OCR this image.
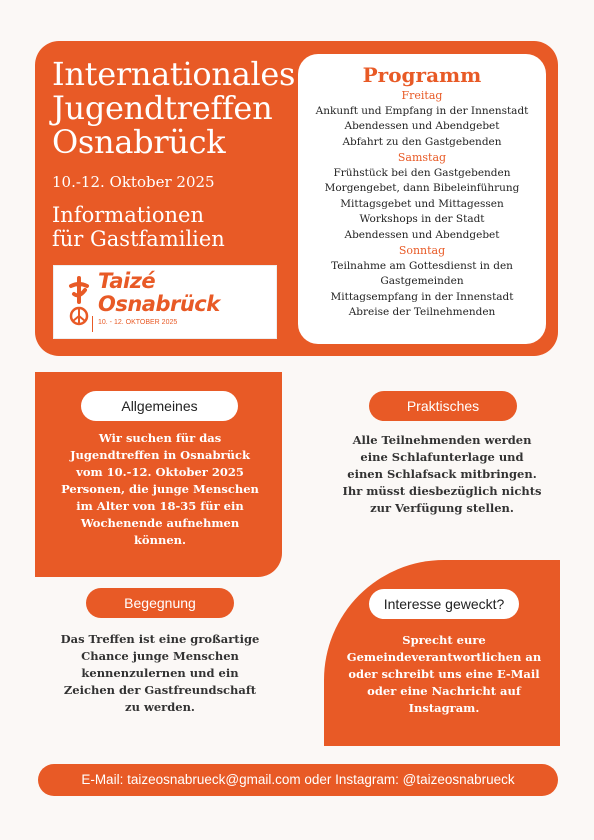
Internationales
Jugendtreffen
Osnabrück
10.-12. Oktober 2025
Informationen
für Gastfamilien
Taizé
Osnabrück
10. - 12. OKTOBER 2025
Programm
Freitag
Ankunft und Empfang in der Innenstadt
Abendessen und Abendgebet
Abfahrt zu den Gastgebenden
Samstag
Frühstück bei den Gastgebenden
Morgengebet, dann Bibeleinführung
Mittagsgebet und Mittagessen
Workshops in der Stadt
Abendessen und Abendgebet
Sonntag
Teilnahme am Gottesdienst in den
Gastgemeinden
Mittagsempfang in der Innenstadt
Abreise der Teilnehmenden
Allgemeines
Wir suchen für das
Jugendtreffen in Osnabrück
vom 10.-12. Oktober 2025
Personen, die junge Menschen
im Alter von 18-35 für ein
Wochenende aufnehmen
können.
Praktisches
Alle Teilnehmenden werden
eine Schlafunterlage und
einen Schlafsack mitbringen.
Ihr müsst diesbezüglich nichts
zur Verfügung stellen.
Begegnung
Das Treffen ist eine großartige
Chance junge Menschen
kennenzulernen und ein
Zeichen der Gastfreundschaft
zu werden.
Interesse geweckt?
Sprecht eure
Gemeindeverantwortlichen an
oder schreibt uns eine E-Mail
oder eine Nachricht auf
Instagram.
E-Mail: taizeosnabrueck@gmail.com oder Instagram: @taizeosnabrueck
